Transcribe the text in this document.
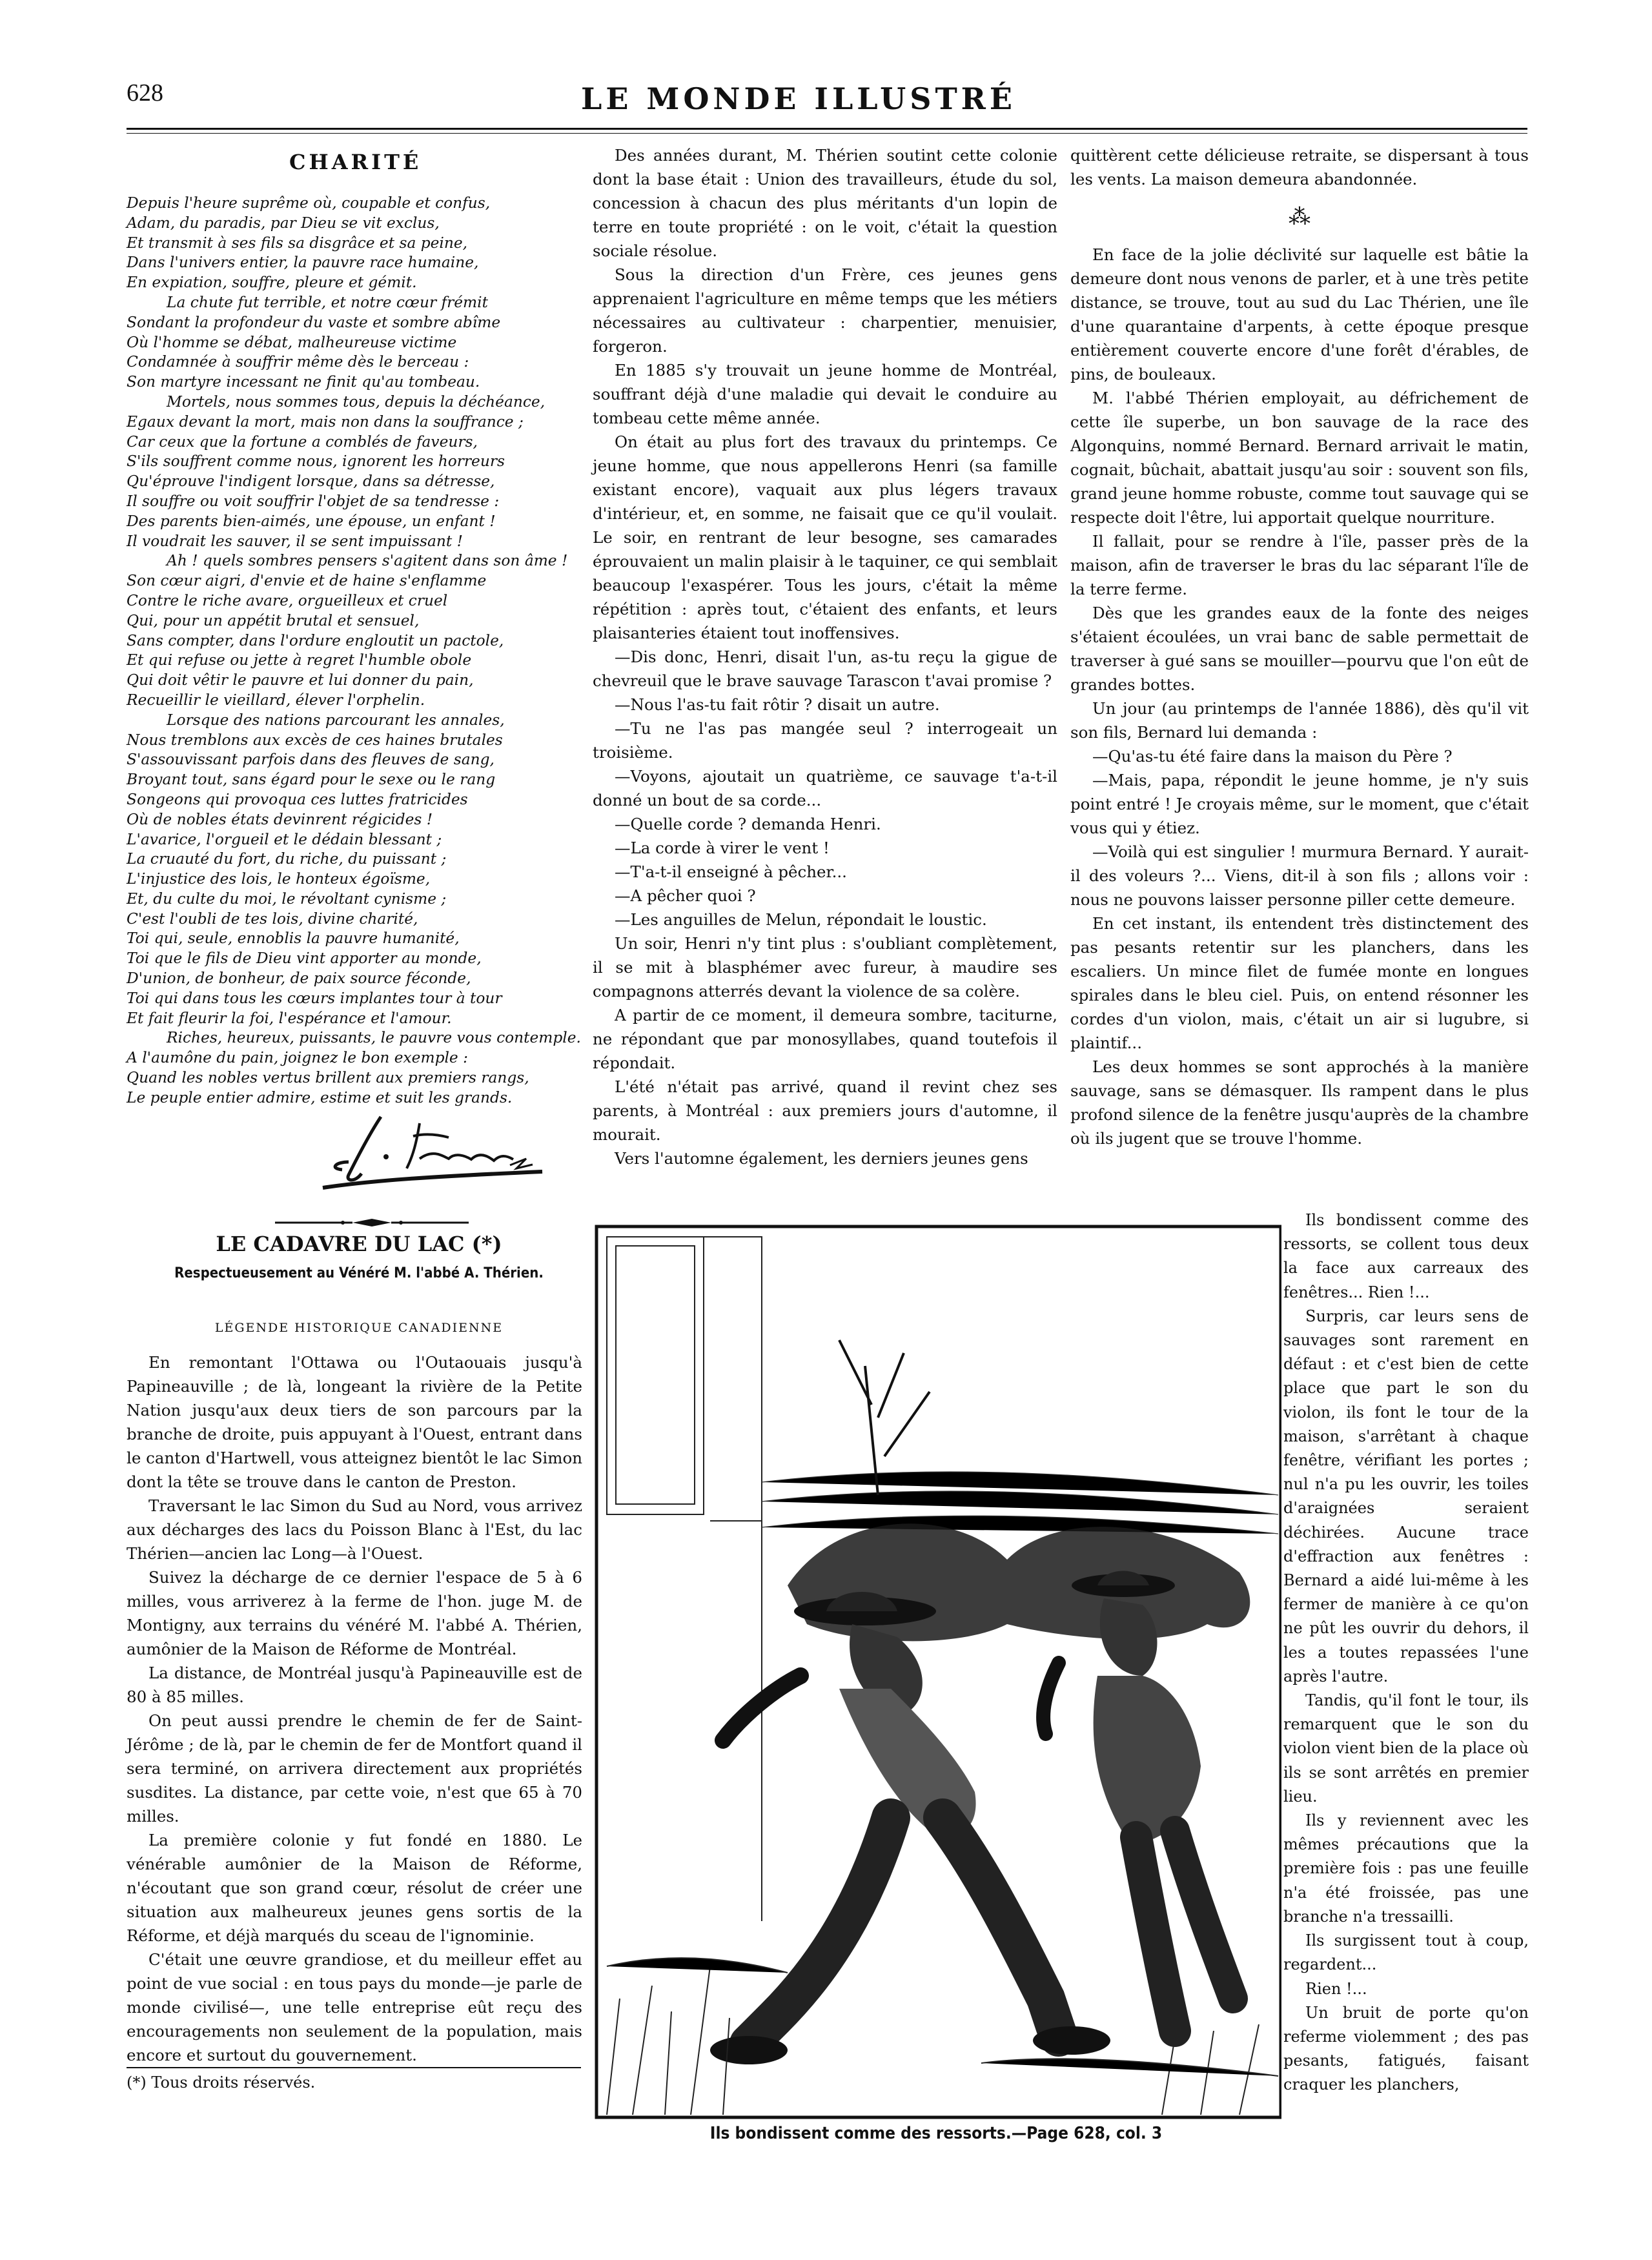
628	LE MONDE ILLUSTRÉ
CHARITÉ
Depuis l'heure suprême où, coupable et confus,
Adam, du paradis, par Dieu se vit exclus,
Et transmit à ses fils sa disgrâce et sa peine,
Dans l'univers entier, la pauvre race humaine,
En expiation, souffre, pleure et gémit.
La chute fut terrible, et notre cœur frémit
Sondant la profondeur du vaste et sombre abîme
Où l'homme se débat, malheureuse victime
Condamnée à souffrir même dès le berceau :
Son martyre incessant ne finit qu'au tombeau.
Mortels, nous sommes tous, depuis la déchéance,
Egaux devant la mort, mais non dans la souffrance ;
Car ceux que la fortune a comblés de faveurs,
S'ils souffrent comme nous, ignorent les horreurs
Qu'éprouve l'indigent lorsque, dans sa détresse,
Il souffre ou voit souffrir l'objet de sa tendresse :
Des parents bien-aimés, une épouse, un enfant !
Il voudrait les sauver, il se sent impuissant !
Ah ! quels sombres pensers s'agitent dans son âme !
Son cœur aigri, d'envie et de haine s'enflamme
Contre le riche avare, orgueilleux et cruel
Qui, pour un appétit brutal et sensuel,
Sans compter, dans l'ordure engloutit un pactole,
Et qui refuse ou jette à regret l'humble obole
Qui doit vêtir le pauvre et lui donner du pain,
Recueillir le vieillard, élever l'orphelin.
Lorsque des nations parcourant les annales,
Nous tremblons aux excès de ces haines brutales
S'assouvissant parfois dans des fleuves de sang,
Broyant tout, sans égard pour le sexe ou le rang
Songeons qui provoqua ces luttes fratricides
Où de nobles états devinrent régicides !
L'avarice, l'orgueil et le dédain blessant ;
La cruauté du fort, du riche, du puissant ;
L'injustice des lois, le honteux égoïsme,
Et, du culte du moi, le révoltant cynisme ;
C'est l'oubli de tes lois, divine charité,
Toi qui, seule, ennoblis la pauvre humanité,
Toi que le fils de Dieu vint apporter au monde,
D'union, de bonheur, de paix source féconde,
Toi qui dans tous les cœurs implantes tour à tour
Et fait fleurir la foi, l'espérance et l'amour.
Riches, heureux, puissants, le pauvre vous contemple.
A l'aumône du pain, joignez le bon exemple :
Quand les nobles vertus brillent aux premiers rangs,
Le peuple entier admire, estime et suit les grands.
LE CADAVRE DU LAC (*)
Respectueusement au Vénéré M. l'abbé A. Thérien.
LÉGENDE HISTORIQUE CANADIENNE

En remontant l'Ottawa ou l'Outaouais jusqu'à Papineauville ; de là, longeant la rivière de la Petite Nation jusqu'aux deux tiers de son parcours par la branche de droite, puis appuyant à l'Ouest, entrant dans le canton d'Hartwell, vous atteignez bientôt le lac Simon dont la tête se trouve dans le canton de Preston.

Traversant le lac Simon du Sud au Nord, vous arrivez aux décharges des lacs du Poisson Blanc à l'Est, du lac Thérien—ancien lac Long—à l'Ouest.

Suivez la décharge de ce dernier l'espace de 5 à 6 milles, vous arriverez à la ferme de l'hon. juge M. de Montigny, aux terrains du vénéré M. l'abbé A. Thérien, aumônier de la Maison de Réforme de Montréal.

La distance, de Montréal jusqu'à Papineauville est de 80 à 85 milles.

On peut aussi prendre le chemin de fer de Saint-Jérôme ; de là, par le chemin de fer de Montfort quand il sera terminé, on arrivera directement aux propriétés susdites. La distance, par cette voie, n'est que 65 à 70 milles.

La première colonie y fut fondé en 1880. Le vénérable aumônier de la Maison de Réforme, n'écoutant que son grand cœur, résolut de créer une situation aux malheureux jeunes gens sortis de la Réforme, et déjà marqués du sceau de l'ignominie.

C'était une œuvre grandiose, et du meilleur effet au point de vue social : en tous pays du monde—je parle de monde civilisé—, une telle entreprise eût reçu des encouragements non seulement de la population, mais encore et surtout du gouvernement.

(*) Tous droits réservés.

Des années durant, M. Thérien soutint cette colonie dont la base était : Union des travailleurs, étude du sol, concession à chacun des plus méritants d'un lopin de terre en toute propriété : on le voit, c'était la question sociale résolue.

Sous la direction d'un Frère, ces jeunes gens apprenaient l'agriculture en même temps que les métiers nécessaires au cultivateur : charpentier, menuisier, forgeron.

En 1885 s'y trouvait un jeune homme de Montréal, souffrant déjà d'une maladie qui devait le conduire au tombeau cette même année.

On était au plus fort des travaux du printemps. Ce jeune homme, que nous appellerons Henri (sa famille existant encore), vaquait aux plus légers travaux d'intérieur, et, en somme, ne faisait que ce qu'il voulait. Le soir, en rentrant de leur besogne, ses camarades éprouvaient un malin plaisir à le taquiner, ce qui semblait beaucoup l'exaspérer. Tous les jours, c'était la même répétition : après tout, c'étaient des enfants, et leurs plaisanteries étaient tout inoffensives.

—Dis donc, Henri, disait l'un, as-tu reçu la gigue de chevreuil que le brave sauvage Tarascon t'avai promise ?

—Nous l'as-tu fait rôtir ? disait un autre.

—Tu ne l'as pas mangée seul ? interrogeait un troisième.

—Voyons, ajoutait un quatrième, ce sauvage t'a-t-il donné un bout de sa corde...

—Quelle corde ? demanda Henri.

—La corde à virer le vent !

—T'a-t-il enseigné à pêcher...

—A pêcher quoi ?

—Les anguilles de Melun, répondait le loustic.

Un soir, Henri n'y tint plus : s'oubliant complètement, il se mit à blasphémer avec fureur, à maudire ses compagnons atterrés devant la violence de sa colère.

A partir de ce moment, il demeura sombre, taciturne, ne répondant que par monosyllabes, quand toutefois il répondait.

L'été n'était pas arrivé, quand il revint chez ses parents, à Montréal : aux premiers jours d'automne, il mourait.

Vers l'automne également, les derniers jeunes gens

quittèrent cette délicieuse retraite, se dispersant à tous les vents. La maison demeura abandonnée.

⁂

En face de la jolie déclivité sur laquelle est bâtie la demeure dont nous venons de parler, et à une très petite distance, se trouve, tout au sud du Lac Thérien, une île d'une quarantaine d'arpents, à cette époque presque entièrement couverte encore d'une forêt d'érables, de pins, de bouleaux.

M. l'abbé Thérien employait, au défrichement de cette île superbe, un bon sauvage de la race des Algonquins, nommé Bernard. Bernard arrivait le matin, cognait, bûchait, abattait jusqu'au soir : souvent son fils, grand jeune homme robuste, comme tout sauvage qui se respecte doit l'être, lui apportait quelque nourriture.

Il fallait, pour se rendre à l'île, passer près de la maison, afin de traverser le bras du lac séparant l'île de la terre ferme.

Dès que les grandes eaux de la fonte des neiges s'étaient écoulées, un vrai banc de sable permettait de traverser à gué sans se mouiller—pourvu que l'on eût de grandes bottes.

Un jour (au printemps de l'année 1886), dès qu'il vit son fils, Bernard lui demanda :

—Qu'as-tu été faire dans la maison du Père ?

—Mais, papa, répondit le jeune homme, je n'y suis point entré ! Je croyais même, sur le moment, que c'était vous qui y étiez.

—Voilà qui est singulier ! murmura Bernard. Y aurait-il des voleurs ?... Viens, dit-il à son fils ; allons voir : nous ne pouvons laisser personne piller cette demeure.

En cet instant, ils entendent très distinctement des pas pesants retentir sur les planchers, dans les escaliers. Un mince filet de fumée monte en longues spirales dans le bleu ciel. Puis, on entend résonner les cordes d'un violon, mais, c'était un air si lugubre, si plaintif...

Les deux hommes se sont approchés à la manière sauvage, sans se démasquer. Ils rampent dans le plus profond silence de la fenêtre jusqu'auprès de la chambre où ils jugent que se trouve l'homme.

Ils bondissent comme des ressorts, se collent tous deux la face aux carreaux des fenêtres... Rien !...

Surpris, car leurs sens de sauvages sont rarement en défaut : et c'est bien de cette place que part le son du violon, ils font le tour de la maison, s'arrêtant à chaque fenêtre, vérifiant les portes ; nul n'a pu les ouvrir, les toiles d'araignées seraient déchirées. Aucune trace d'effraction aux fenêtres : Bernard a aidé lui-même à les fermer de manière à ce qu'on ne pût les ouvrir du dehors, il les a toutes repassées l'une après l'autre.

Tandis, qu'il font le tour, ils remarquent que le son du violon vient bien de la place où ils se sont arrêtés en premier lieu.

Ils y reviennent avec les mêmes précautions que la première fois : pas une feuille n'a été froissée, pas une branche n'a tressailli.

Ils surgissent tout à coup, regardent...

Rien !...

Un bruit de porte qu'on referme violemment ; des pas pesants, fatigués, faisant craquer les planchers,

Ils bondissent comme des ressorts.—Page 628, col. 3
